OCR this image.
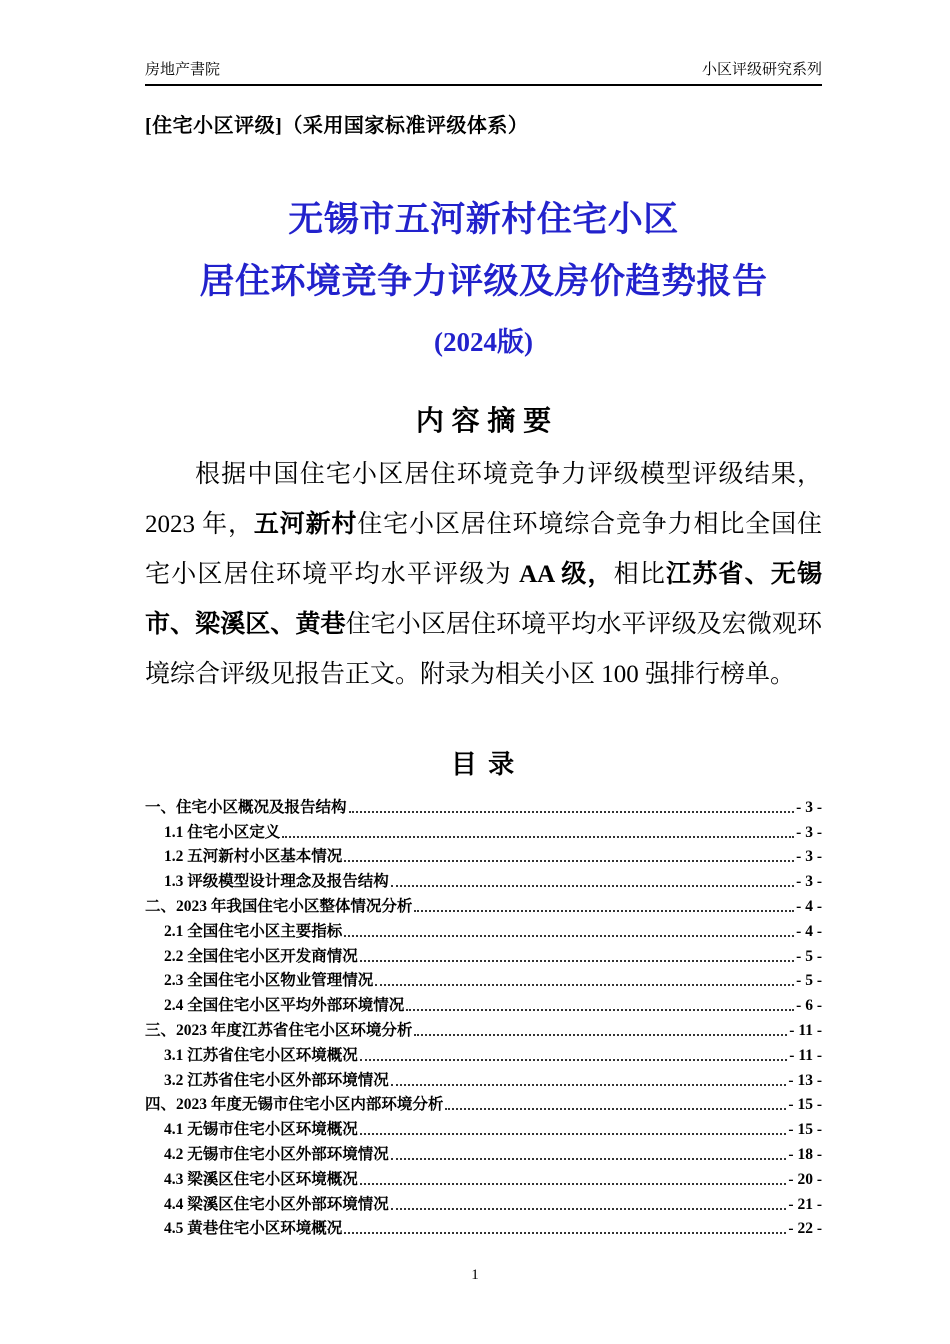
房地产書院	小区评级研究系列
[住宅小区评级]（采用国家标准评级体系）
无锡市五河新村住宅小区
居住环境竞争力评级及房价趋势报告
(2024版)
内 容 摘 要

根据中国住宅小区居住环境竞争力评级模型评级结果，2023 年，五河新村住宅小区居住环境综合竞争力相比全国住宅小区居住环境平均水平评级为 AA 级，相比江苏省、无锡市、梁溪区、黄巷住宅小区居住环境平均水平评级及宏微观环境综合评级见报告正文。附录为相关小区 100 强排行榜单。

目 录
一、住宅小区概况及报告结构	- 3 -
1.1 住宅小区定义	- 3 -
1.2 五河新村小区基本情况	- 3 -
1.3 评级模型设计理念及报告结构	- 3 -
二、2023 年我国住宅小区整体情况分析	- 4 -
2.1 全国住宅小区主要指标	- 4 -
2.2 全国住宅小区开发商情况	- 5 -
2.3 全国住宅小区物业管理情况	- 5 -
2.4 全国住宅小区平均外部环境情况	- 6 -
三、2023 年度江苏省住宅小区环境分析	- 11 -
3.1 江苏省住宅小区环境概况	- 11 -
3.2 江苏省住宅小区外部环境情况	- 13 -
四、2023 年度无锡市住宅小区内部环境分析	- 15 -
4.1 无锡市住宅小区环境概况	- 15 -
4.2 无锡市住宅小区外部环境情况	- 18 -
4.3 梁溪区住宅小区环境概况	- 20 -
4.4 梁溪区住宅小区外部环境情况	- 21 -
4.5 黄巷住宅小区环境概况	- 22 -
1
